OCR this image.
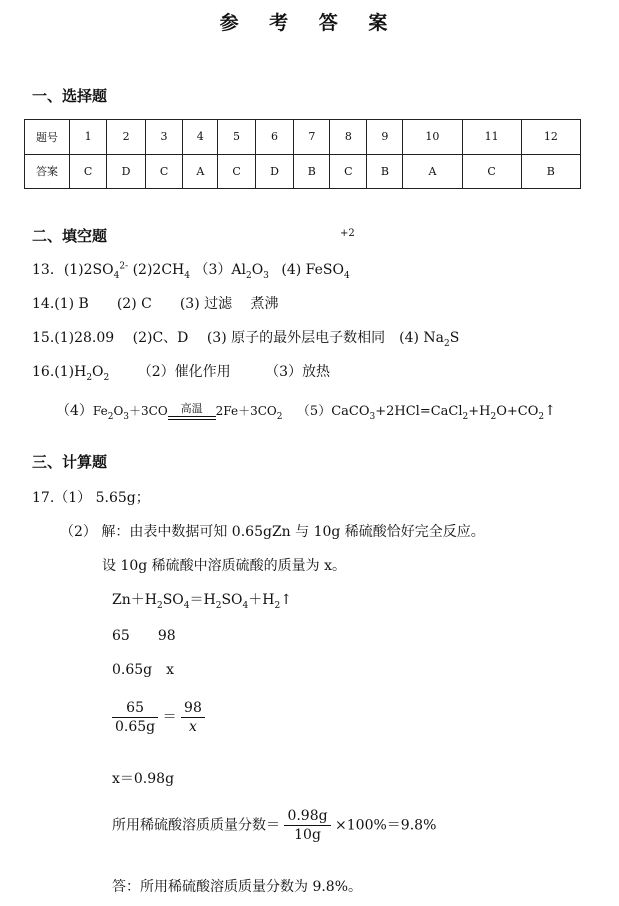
参 考 答 案
一、选择题
题号	1	2	3	4	5	6	7	8	9	10	11	12
答案	C	D	C	A	C	D	B	C	B	A	C	B
二、填空题	+2
13．$(1)2SO_4^{2-}$ $(2)2CH_4$ $(3)Al_2O_3$ (4) FeSO$_4$
14.(1) B　　(2) C　　(3) 过滤　 煮沸
15.(1)28.09　 (2)C、D　 (3) 原子的最外层电子数相同　(4) $Na_2S$
$16.(1)H_2O_2$ （2）催化作用 （3）放热
$(4)Fe_2O_3+3CO$	高温	$2Fe+3CO_2$ $(5)CaCO_3+2HCl=CaCl_2+H_2O+CO_2↑$
三、计算题
17.（1） 5.65g；
（2） 解：由表中数据可知 0.65gZn 与 10g 稀硫酸恰好完全反应。
设 10g 稀硫酸中溶质硫酸的质量为 x。
$Zn+H_2SO_4=H_2SO_4+H_2↑$
65　　98
0.65g　x
$\frac{65}{0.65g} = \frac{98}{x}$
x＝0.98g
所用稀硫酸溶质质量分数＝ $\frac{0.98g}{10g} \times 100\%=9.8\%$
答：所用稀硫酸溶质质量分数为 9.8%。
